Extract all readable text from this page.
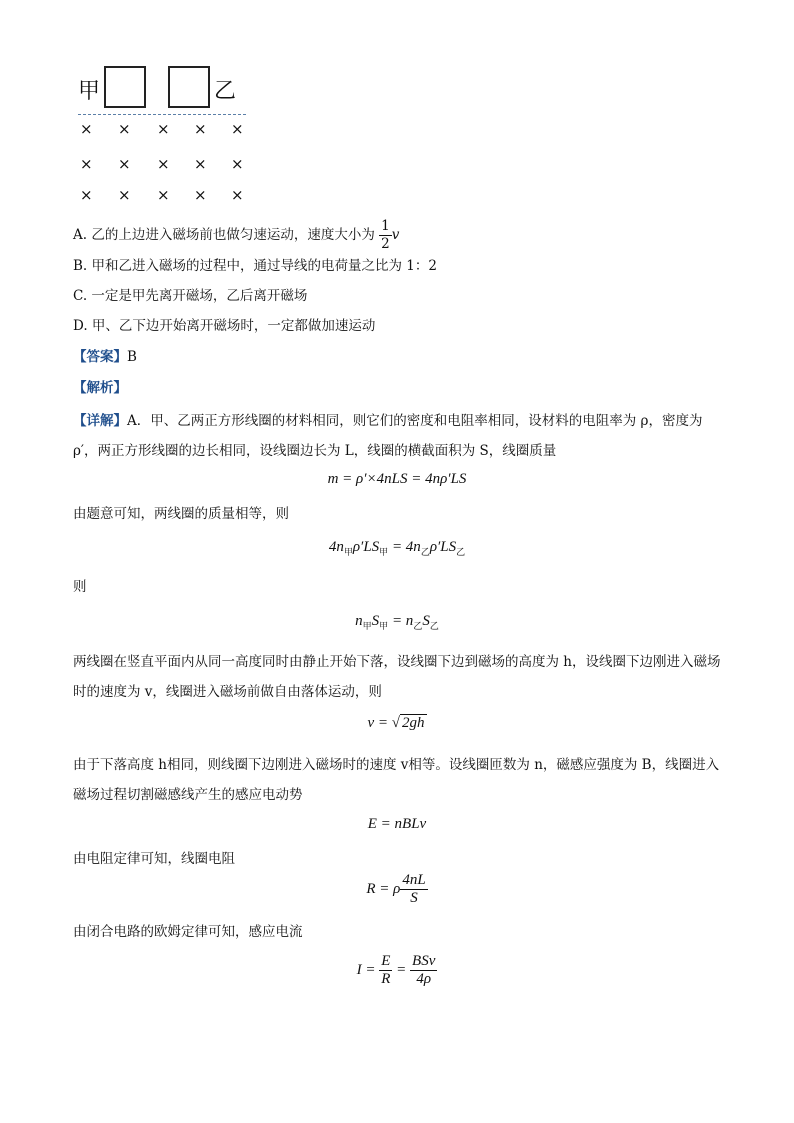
甲	乙
× × × × ×
× × × × ×
× × × × ×
A. 乙的上边进入磁场前也做匀速运动，速度大小为 $\frac{1}{2}$ v
B. 甲和乙进入磁场的过程中，通过导线的电荷量之比为 1：2
C. 一定是甲先离开磁场，乙后离开磁场
D. 甲、乙下边开始离开磁场时，一定都做加速运动
【答案】B
【解析】
【详解】A．甲、乙两正方形线圈的材料相同，则它们的密度和电阻率相同，设材料的电阻率为 ρ，密度为 ρ′，两正方形线圈的边长相同，设线圈边长为 L，线圈的横截面积为 S，线圈质量
m = ρ′×4nLS = 4nρ′LS
由题意可知，两线圈的质量相等，则
$4n_甲\rho'LS_甲 = 4n_乙\rho'LS_乙$
则
$n_甲S_甲 = n_乙S_乙$
两线圈在竖直平面内从同一高度同时由静止开始下落，设线圈下边到磁场的高度为 h，设线圈下边刚进入磁场时的速度为 v，线圈进入磁场前做自由落体运动，则
v = √ 2gh
由于下落高度 h相同，则线圈下边刚进入磁场时的速度 v相等。设线圈匝数为 n，磁感应强度为 B，线圈进入磁场过程切割磁感线产生的感应电动势
E = nBLv
由电阻定律可知，线圈电阻
R = ρ $\frac{4nL}{S}$
由闭合电路的欧姆定律可知，感应电流
$I = \frac{E}{R} = \frac{\text{BSv}}{4\rho}$
